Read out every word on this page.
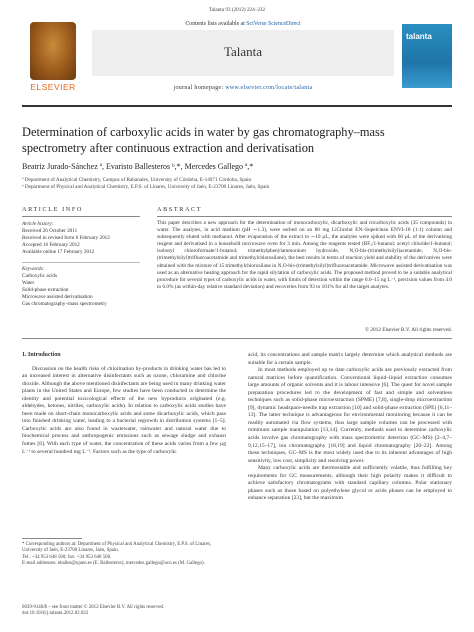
Talanta 93 (2012) 224–232
ELSEVIER
Contents lists available at SciVerse ScienceDirect
Talanta
journal homepage: www.elsevier.com/locate/talanta
talanta
Determination of carboxylic acids in water by gas chromatography–mass
spectrometry after continuous extraction and derivatisation
Beatriz Jurado-Sánchez ª, Evaristo Ballesteros ᵇ,*, Mercedes Gallego ª,*
ª Department of Analytical Chemistry, Campus of Rabanales, University of Córdoba, E-14071 Córdoba, Spain
ᵇ Department of Physical and Analytical Chemistry, E.P.S. of Linares, University of Jaén, E-23700 Linares, Jaén, Spain
ARTICLE INFO	ABSTRACT
Article history:
Received 26 October 2011
Received in revised form 6 February 2012
Accepted 16 February 2012
Available online 17 February 2012
Keywords:
Carboxylic acids
Water
Solid-phase extraction
Microwave assisted derivatisation
Gas chromatography–mass spectrometry
This paper describes a new approach for the determination of monocarboxylic, dicarboxylic and tricarboxylic acids (35 compounds) in water. The analytes, in acid medium (pH ∼1.3), were sorbed on an 80 mg LiChrolut EN–Supelclean ENVI-18 (1:1) column and subsequently eluted with methanol. After evaporation of the extract to ∼10 µL, the analytes were spiked with 60 µL of the derivatising reagent and derivatised in a household microwave oven for 3 min. Among the reagents tested (BF₃/1-butanol; acetyl chloride/1-butanol; isobutyl chloroformate/1-butanol; trimethylphenylammonium hydroxide, N,O-bis-(trimethylsilyl)acetamide, N,O-bis-(trimethylsilyl)trifluoroacetamide and trimethylchlorosilane), the best results in terms of reaction yield and stability of the derivatives were obtained with the mixture of 15 trimethylchlorosilane in N,O-bis-(trimethylsilyl)trifluoroacetamide. Microwave assisted derivatisation was used as an alternative heating approach for the rapid silylation of carboxylic acids. The proposed method proved to be a suitable analytical procedure for several types of carboxylic acids in water, with limits of detection within the range 0.6–15 ng L⁻¹, precision values from 4.0 to 6.0% (as within-day relative standard deviation) and recoveries from 93 to 101% for all the target analytes.
© 2012 Elsevier B.V. All rights reserved.

1. Introduction

Discussion on the health risks of chlorination by-products in drinking water has led to an increased interest in alternative disinfectants such as ozone, chloramine and chlorine dioxide. Although the above mentioned disinfectants are being used in many drinking water plants in the United States and Europe, few studies have been conducted to determine the identity and potential toxicological effects of the new byproducts originated (e.g. aldehydes, ketones, nitriles, carboxylic acids). In relation to carboxylic acids studies have been made on short-chain monocarboxylic acids and some dicarboxylic acids, which pass into finished drinking water, leading to a bacterial regrowth in distribution systems [1–5]. Carboxylic acids are also found in wastewater, rainwater and natural water due to biochemical process and anthropogenic emissions such as sewage sludge and exhaust fumes [6]. With each type of water, the concentration of these acids varies from a few µg L⁻¹ to several hundred mg L⁻¹. Factors such as the type of carboxylic

acid, its concentrations and sample matrix largely determine which analytical methods are suitable for a certain sample.

In most methods employed up to date carboxylic acids are previously extracted from natural matrices before quantification. Conventional liquid–liquid extraction consumes large amounts of organic solvents and it is labour intensive [6]. The quest for novel sample preparation procedures led to the development of fast and simple and solventless techniques such as solid-phase microextraction (SPME) [7,8], single-drop microextraction [9], dynamic headspace-needle trap extraction [10] and solid-phase extraction (SPE) [6,11–13]. The latter technique is advantageous for environmental monitoring because it can be readily automated via flow systems, thus large sample volumes can be processed with minimum sample manipulation [13,14]. Currently, methods used to determine carboxylic acids involve gas chromatography with mass spectrometric detection (GC–MS) [2–4,7–9,12,15–17], ion chromatography [18,19] and liquid chromatography [20–22]. Among these techniques, GC–MS is the most widely used due to its inherent advantages of high sensitivity, low cost, simplicity and resolving power.

Many carboxylic acids are thermostable and sufficiently volatile, thus fulfilling key requirements for GC measurements, although their high polarity makes it difficult to achieve satisfactory chromatograms with standard capillary columns. Polar stationary phases such as those based on polyethylene glycol or acids phases can be employed to enhance separation [23], but the maximum

* Corresponding authors at: Department of Physical and Analytical Chemistry, E.P.S. of Linares, University of Jaén, E-23700 Linares, Jaén, Spain.
Tel.: +34 953 648 560; fax: +34 953 648 560.
E-mail addresses: eballes@ujaen.es (E. Ballesteros), mercedes.gallego@uco.es (M. Gallego).
0039-9140/$ – see front matter © 2012 Elsevier B.V. All rights reserved.
doi:10.1016/j.talanta.2012.02.022
